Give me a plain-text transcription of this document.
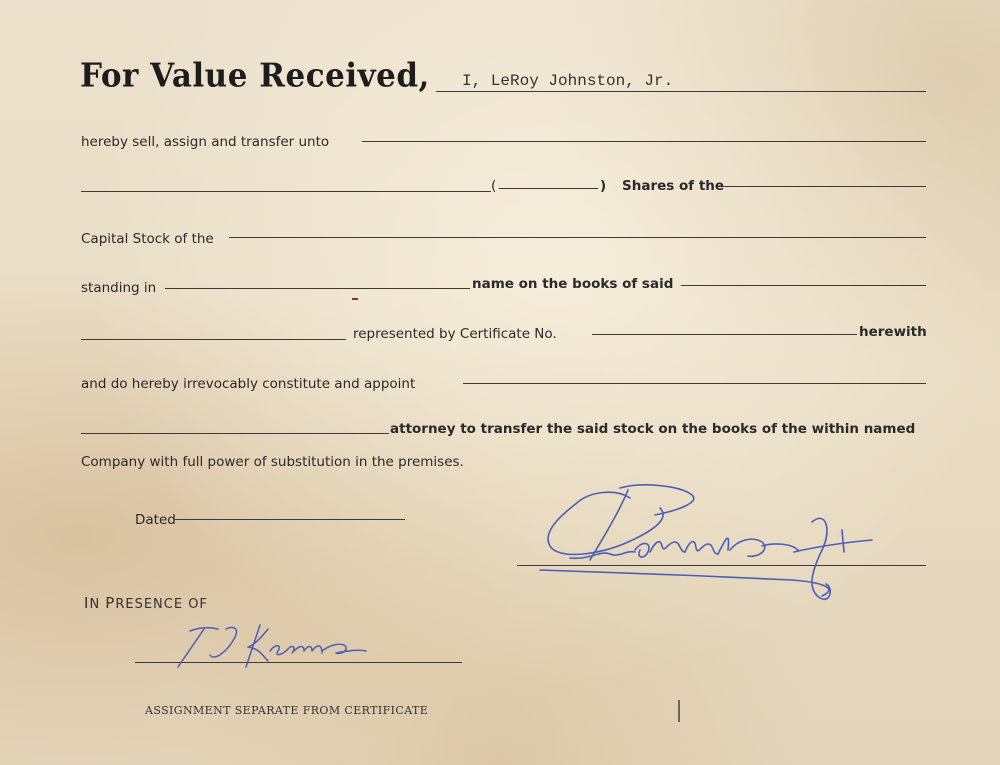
For Value Received, I, LeRoy Johnston, Jr.
hereby sell, assign and transfer unto
(	) Shares of the
Capital Stock of the
standing in	name on the books of said
represented by Certificate No.	herewith
and do hereby irrevocably constitute and appoint
attorney to transfer the said stock on the books of the within named
Company with full power of substitution in the premises.
Dated
IN PRESENCE OF
ASSIGNMENT SEPARATE FROM CERTIFICATE
